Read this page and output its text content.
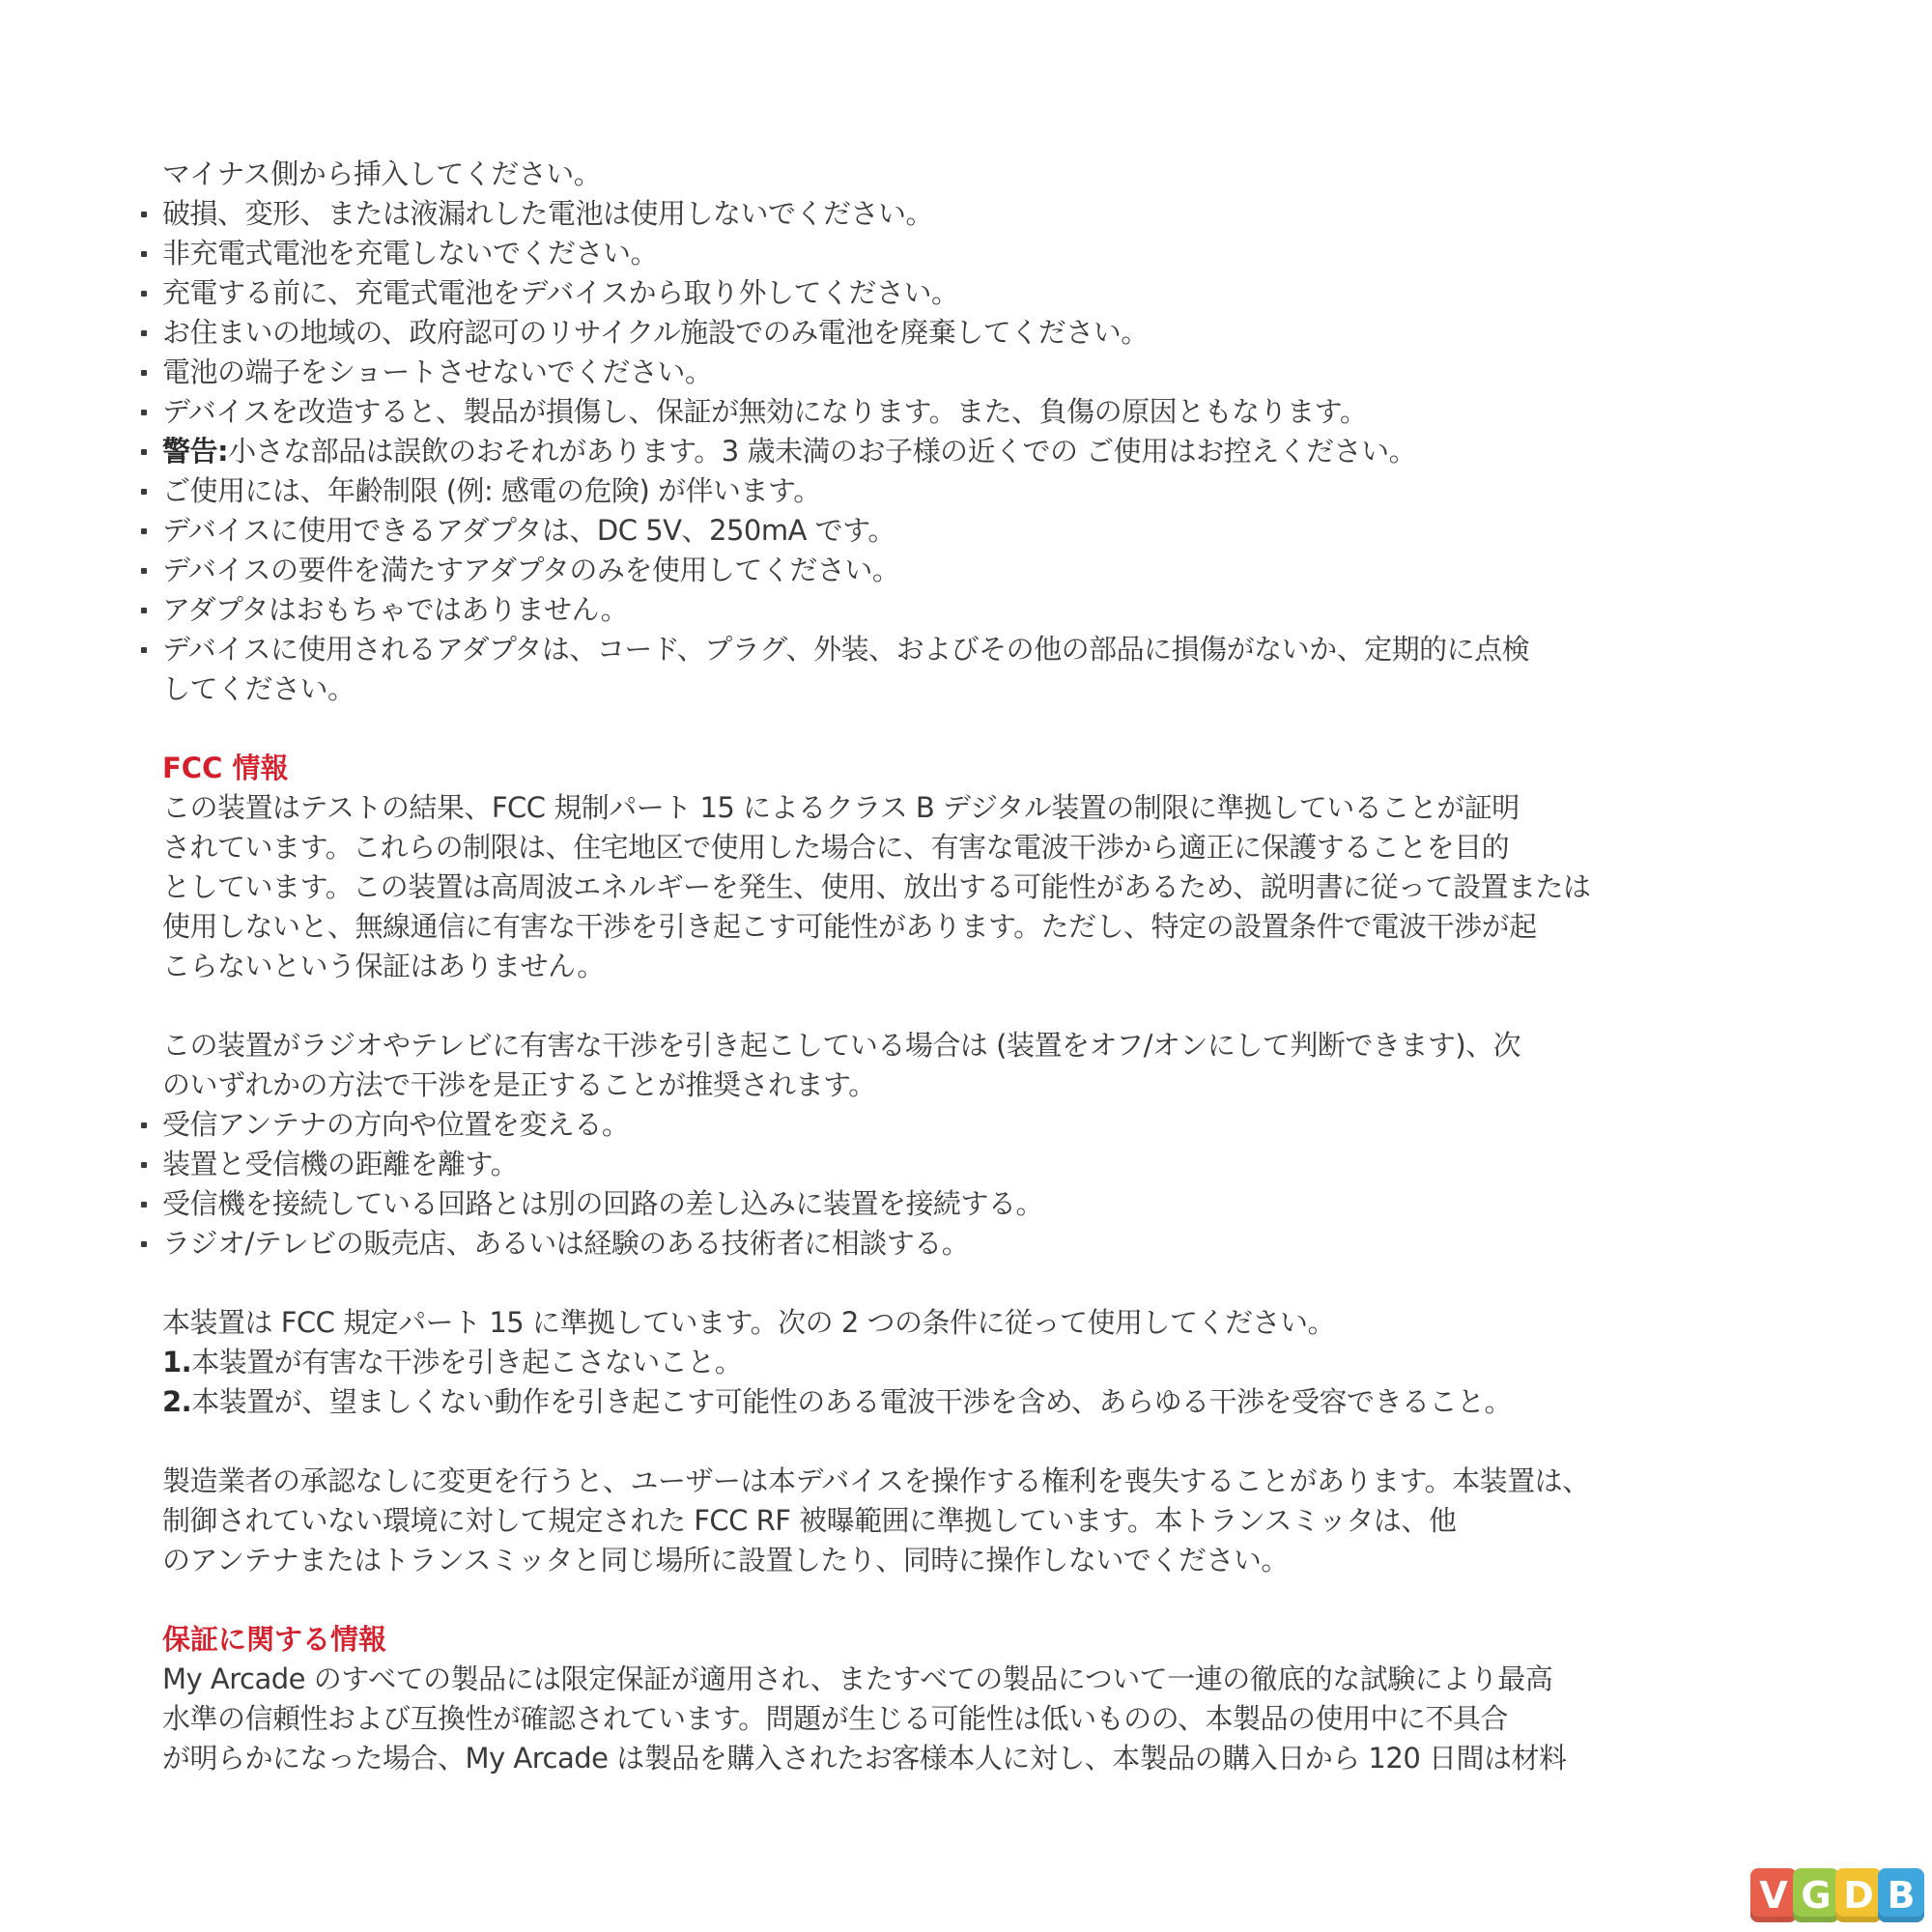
マイナス側から挿入してください。
破損、変形、または液漏れした電池は使用しないでください。
非充電式電池を充電しないでください。
充電する前に、充電式電池をデバイスから取り外してください。
お住まいの地域の、政府認可のリサイクル施設でのみ電池を廃棄してください。
電池の端子をショートさせないでください。
デバイスを改造すると、製品が損傷し、保証が無効になります。また、負傷の原因ともなります。
警告:小さな部品は誤飲のおそれがあります。3 歳未満のお子様の近くでの ご使用はお控えください。
ご使用には、年齢制限 (例: 感電の危険) が伴います。
デバイスに使用できるアダプタは、DC 5V、250mA です。
デバイスの要件を満たすアダプタのみを使用してください。
アダプタはおもちゃではありません。
デバイスに使用されるアダプタは、コード、プラグ、外装、およびその他の部品に損傷がないか、定期的に点検
してください。
FCC 情報
この装置はテストの結果、FCC 規制パート 15 によるクラス B デジタル装置の制限に準拠していることが証明
されています。これらの制限は、住宅地区で使用した場合に、有害な電波干渉から適正に保護することを目的
としています。この装置は高周波エネルギーを発生、使用、放出する可能性があるため、説明書に従って設置または
使用しないと、無線通信に有害な干渉を引き起こす可能性があります。ただし、特定の設置条件で電波干渉が起
こらないという保証はありません。
この装置がラジオやテレビに有害な干渉を引き起こしている場合は (装置をオフ/オンにして判断できます)、次
のいずれかの方法で干渉を是正することが推奨されます。
受信アンテナの方向や位置を変える。
装置と受信機の距離を離す。
受信機を接続している回路とは別の回路の差し込みに装置を接続する。
ラジオ/テレビの販売店、あるいは経験のある技術者に相談する。
本装置は FCC 規定パート 15 に準拠しています。次の 2 つの条件に従って使用してください。
1.本装置が有害な干渉を引き起こさないこと。
2.本装置が、望ましくない動作を引き起こす可能性のある電波干渉を含め、あらゆる干渉を受容できること。
製造業者の承認なしに変更を行うと、ユーザーは本デバイスを操作する権利を喪失することがあります。本装置は、
制御されていない環境に対して規定された FCC RF 被曝範囲に準拠しています。本トランスミッタは、他
のアンテナまたはトランスミッタと同じ場所に設置したり、同時に操作しないでください。
保証に関する情報
My Arcade のすべての製品には限定保証が適用され、またすべての製品について一連の徹底的な試験により最高
水準の信頼性および互換性が確認されています。問題が生じる可能性は低いものの、本製品の使用中に不具合
が明らかになった場合、My Arcade は製品を購入されたお客様本人に対し、本製品の購入日から 120 日間は材料
V G D B
